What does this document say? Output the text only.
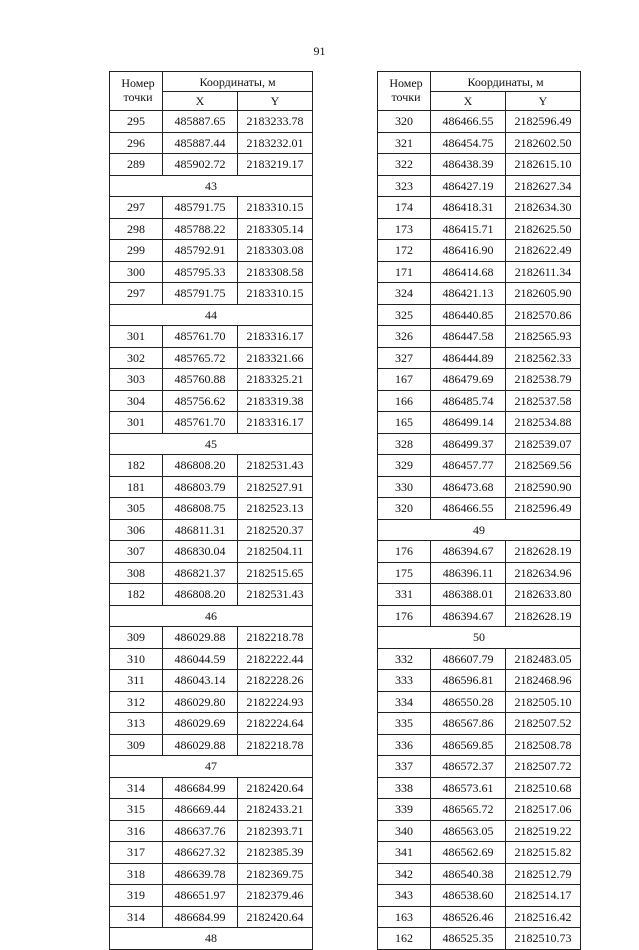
91
Номер точки	Координаты, м	
	X	Y
295	485887.65	2183233.78
296	485887.44	2183232.01
289	485902.72	2183219.17
43		
297	485791.75	2183310.15
298	485788.22	2183305.14
299	485792.91	2183303.08
300	485795.33	2183308.58
297	485791.75	2183310.15
44		
301	485761.70	2183316.17
302	485765.72	2183321.66
303	485760.88	2183325.21
304	485756.62	2183319.38
301	485761.70	2183316.17
45		
182	486808.20	2182531.43
181	486803.79	2182527.91
305	486808.75	2182523.13
306	486811.31	2182520.37
307	486830.04	2182504.11
308	486821.37	2182515.65
182	486808.20	2182531.43
46		
309	486029.88	2182218.78
310	486044.59	2182222.44
311	486043.14	2182228.26
312	486029.80	2182224.93
313	486029.69	2182224.64
309	486029.88	2182218.78
47		
314	486684.99	2182420.64
315	486669.44	2182433.21
316	486637.76	2182393.71
317	486627.32	2182385.39
318	486639.78	2182369.75
319	486651.97	2182379.46
314	486684.99	2182420.64
48		
Номер точки	Координаты, м	
	X	Y
320	486466.55	2182596.49
321	486454.75	2182602.50
322	486438.39	2182615.10
323	486427.19	2182627.34
174	486418.31	2182634.30
173	486415.71	2182625.50
172	486416.90	2182622.49
171	486414.68	2182611.34
324	486421.13	2182605.90
325	486440.85	2182570.86
326	486447.58	2182565.93
327	486444.89	2182562.33
167	486479.69	2182538.79
166	486485.74	2182537.58
165	486499.14	2182534.88
328	486499.37	2182539.07
329	486457.77	2182569.56
330	486473.68	2182590.90
320	486466.55	2182596.49
49		
176	486394.67	2182628.19
175	486396.11	2182634.96
331	486388.01	2182633.80
176	486394.67	2182628.19
50		
332	486607.79	2182483.05
333	486596.81	2182468.96
334	486550.28	2182505.10
335	486567.86	2182507.52
336	486569.85	2182508.78
337	486572.37	2182507.72
338	486573.61	2182510.68
339	486565.72	2182517.06
340	486563.05	2182519.22
341	486562.69	2182515.82
342	486540.38	2182512.79
343	486538.60	2182514.17
163	486526.46	2182516.42
162	486525.35	2182510.73
